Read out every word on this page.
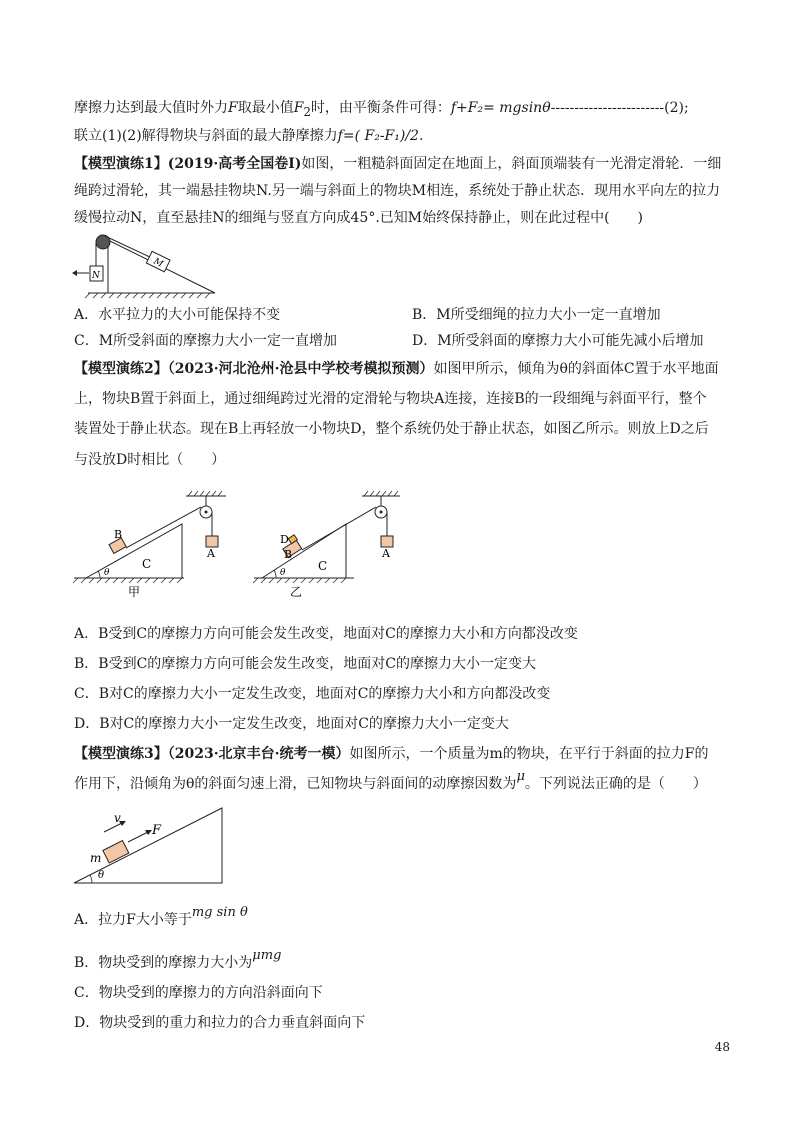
摩擦力达到最大值时外力F取最小值$F_2$时，由平衡条件可得：f+F₂= mgsinθ------------------------(2);
联立(1)(2)解得物块与斜面的最大静摩擦力f=( F₂-F₁)/2.
【模型演练1】(2019·高考全国卷Ⅰ)如图，一粗糙斜面固定在地面上，斜面顶端装有一光滑定滑轮．一细
绳跨过滑轮，其一端悬挂物块N.另一端与斜面上的物块M相连，系统处于静止状态．现用水平向左的拉力
缓慢拉动N，直至悬挂N的细绳与竖直方向成45°.已知M始终保持静止，则在此过程中(　　)
M
N
A．水平拉力的大小可能保持不变	B．M所受细绳的拉力大小一定一直增加
C．M所受斜面的摩擦力大小一定一直增加	D．M所受斜面的摩擦力大小可能先减小后增加
【模型演练2】（2023·河北沧州·沧县中学校考模拟预测）如图甲所示，倾角为θ的斜面体C置于水平地面
上，物块B置于斜面上，通过细绳跨过光滑的定滑轮与物块A连接，连接B的一段细绳与斜面平行，整个
装置处于静止状态。现在B上再轻放一小物块D，整个系统仍处于静止状态，如图乙所示。则放上D之后
与没放D时相比（　　）
A
B
C
θ
甲
A
D
B
C
θ
乙
A．B受到C的摩擦力方向可能会发生改变，地面对C的摩擦力大小和方向都没改变
B．B受到C的摩擦力方向可能会发生改变，地面对C的摩擦力大小一定变大
C．B对C的摩擦力大小一定发生改变，地面对C的摩擦力大小和方向都没改变
D．B对C的摩擦力大小一定发生改变，地面对C的摩擦力大小一定变大
【模型演练3】（2023·北京丰台·统考一模）如图所示，一个质量为m的物块，在平行于斜面的拉力F的
作用下，沿倾角为θ的斜面匀速上滑，已知物块与斜面间的动摩擦因数为μ。下列说法正确的是（　　）
θ
m
F
v
A．拉力F大小等于mg sin θ
B．物块受到的摩擦力大小为μmg
C．物块受到的摩擦力的方向沿斜面向下
D．物块受到的重力和拉力的合力垂直斜面向下
48
